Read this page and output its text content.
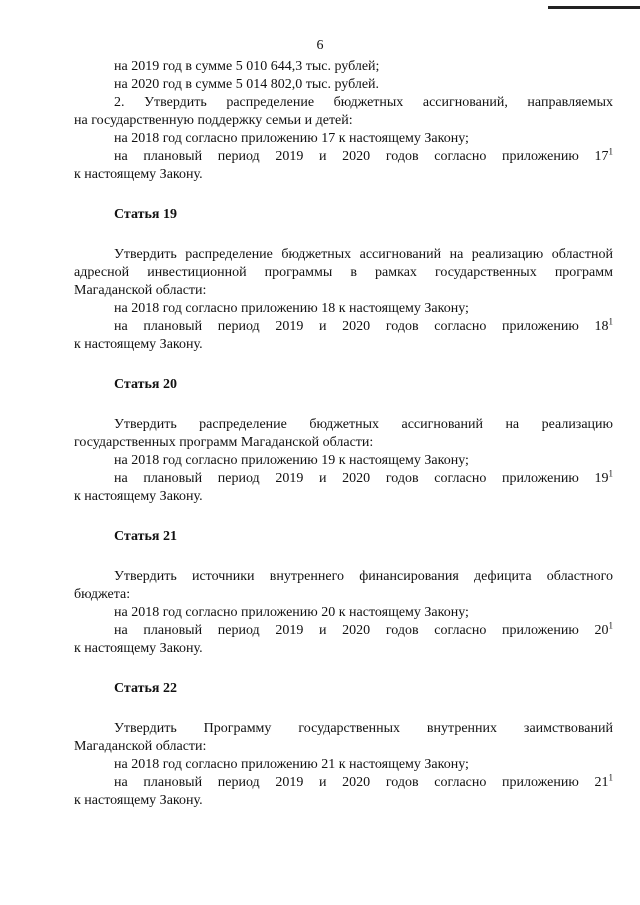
6
на 2019 год в сумме 5 010 644,3 тыс. рублей;
на 2020 год в сумме 5 014 802,0 тыс. рублей.
2. Утвердить распределение бюджетных ассигнований, направляемых
на государственную поддержку семьи и детей:
на 2018 год согласно приложению 17 к настоящему Закону;
на плановый период 2019 и 2020 годов согласно приложению $17^1$
к настоящему Закону.
Статья 19
Утвердить распределение бюджетных ассигнований на реализацию областной
адресной инвестиционной программы в рамках государственных программ
Магаданской области:
на 2018 год согласно приложению 18 к настоящему Закону;
на плановый период 2019 и 2020 годов согласно приложению $18^1$
к настоящему Закону.
Статья 20
Утвердить распределение бюджетных ассигнований на реализацию
государственных программ Магаданской области:
на 2018 год согласно приложению 19 к настоящему Закону;
на плановый период 2019 и 2020 годов согласно приложению $19^1$
к настоящему Закону.
Статья 21
Утвердить источники внутреннего финансирования дефицита областного
бюджета:
на 2018 год согласно приложению 20 к настоящему Закону;
на плановый период 2019 и 2020 годов согласно приложению $20^1$
к настоящему Закону.
Статья 22
Утвердить Программу государственных внутренних заимствований
Магаданской области:
на 2018 год согласно приложению 21 к настоящему Закону;
на плановый период 2019 и 2020 годов согласно приложению $21^1$
к настоящему Закону.
